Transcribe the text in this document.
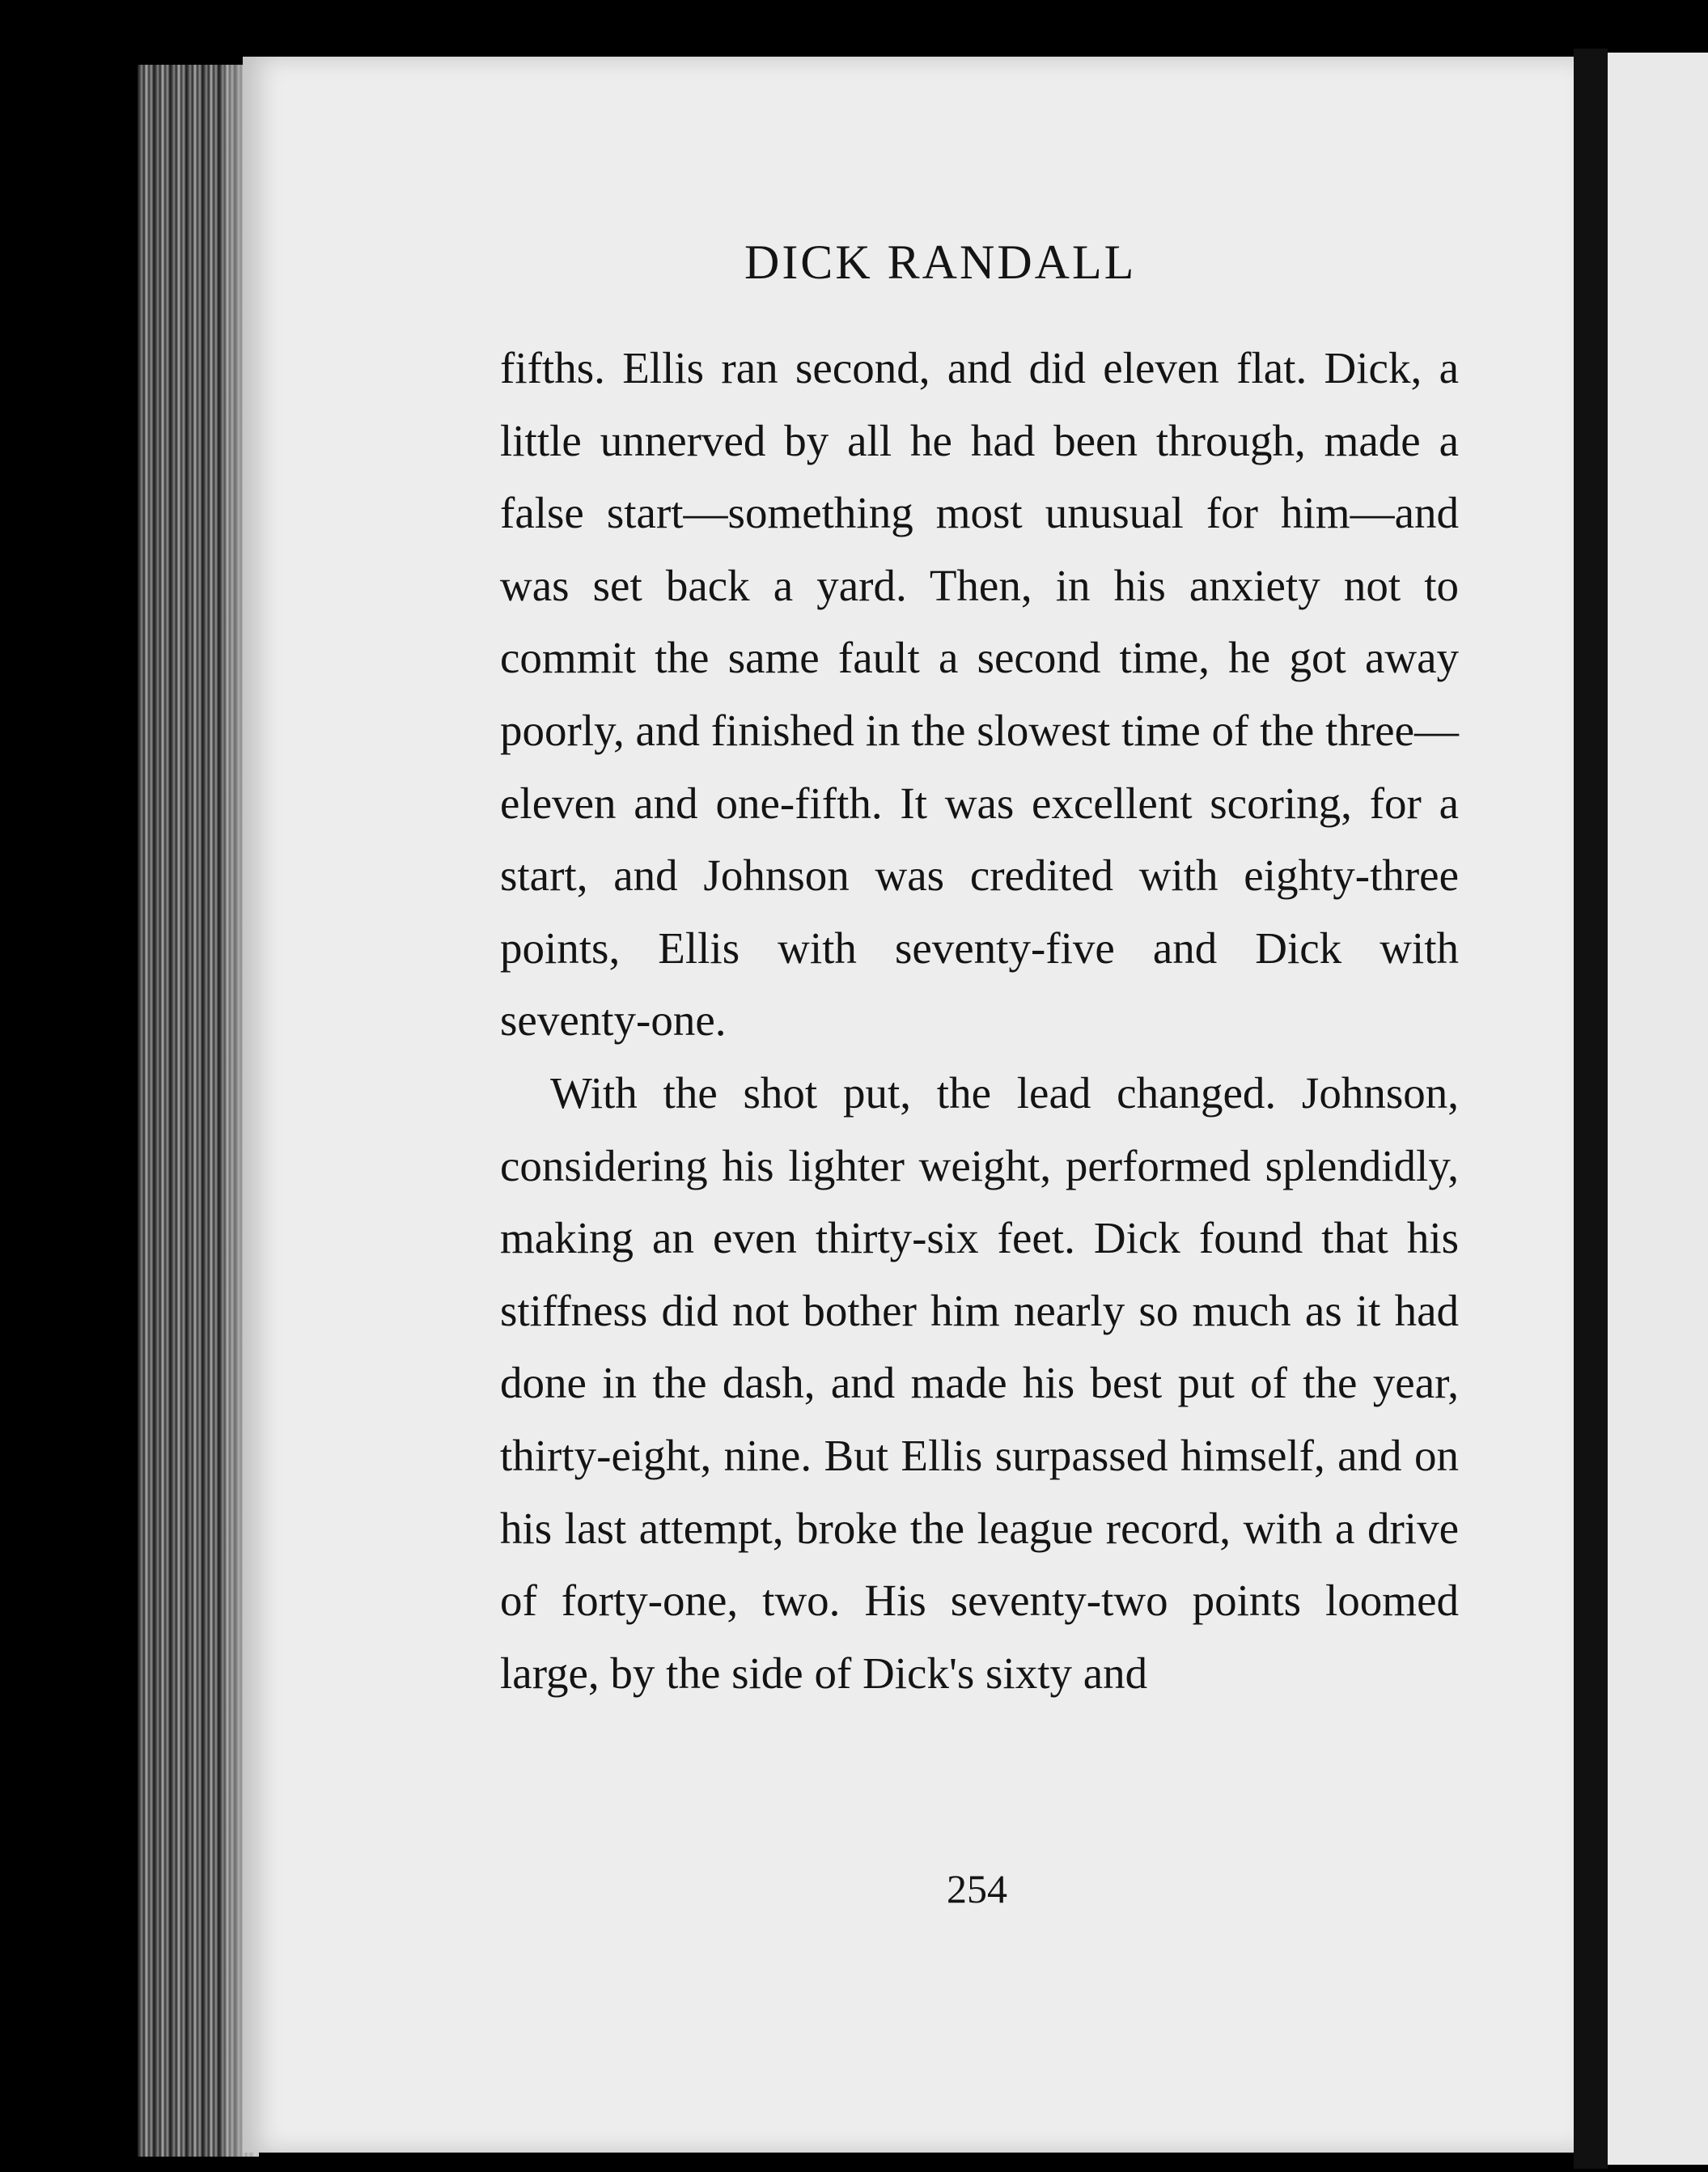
DICK RANDALL

fifths. Ellis ran second, and did eleven flat. Dick, a little unnerved by all he had been through, made a false start—something most unusual for him—and was set back a yard. Then, in his anxiety not to commit the same fault a second time, he got away poorly, and finished in the slowest time of the three—eleven and one-fifth. It was excellent scoring, for a start, and Johnson was credited with eighty-three points, Ellis with seventy-five and Dick with seventy-one.

With the shot put, the lead changed. Johnson, considering his lighter weight, performed splendidly, making an even thirty-six feet. Dick found that his stiffness did not bother him nearly so much as it had done in the dash, and made his best put of the year, thirty-eight, nine. But Ellis surpassed himself, and on his last attempt, broke the league record, with a drive of forty-one, two. His seventy-two points loomed large, by the side of Dick's sixty and

254
